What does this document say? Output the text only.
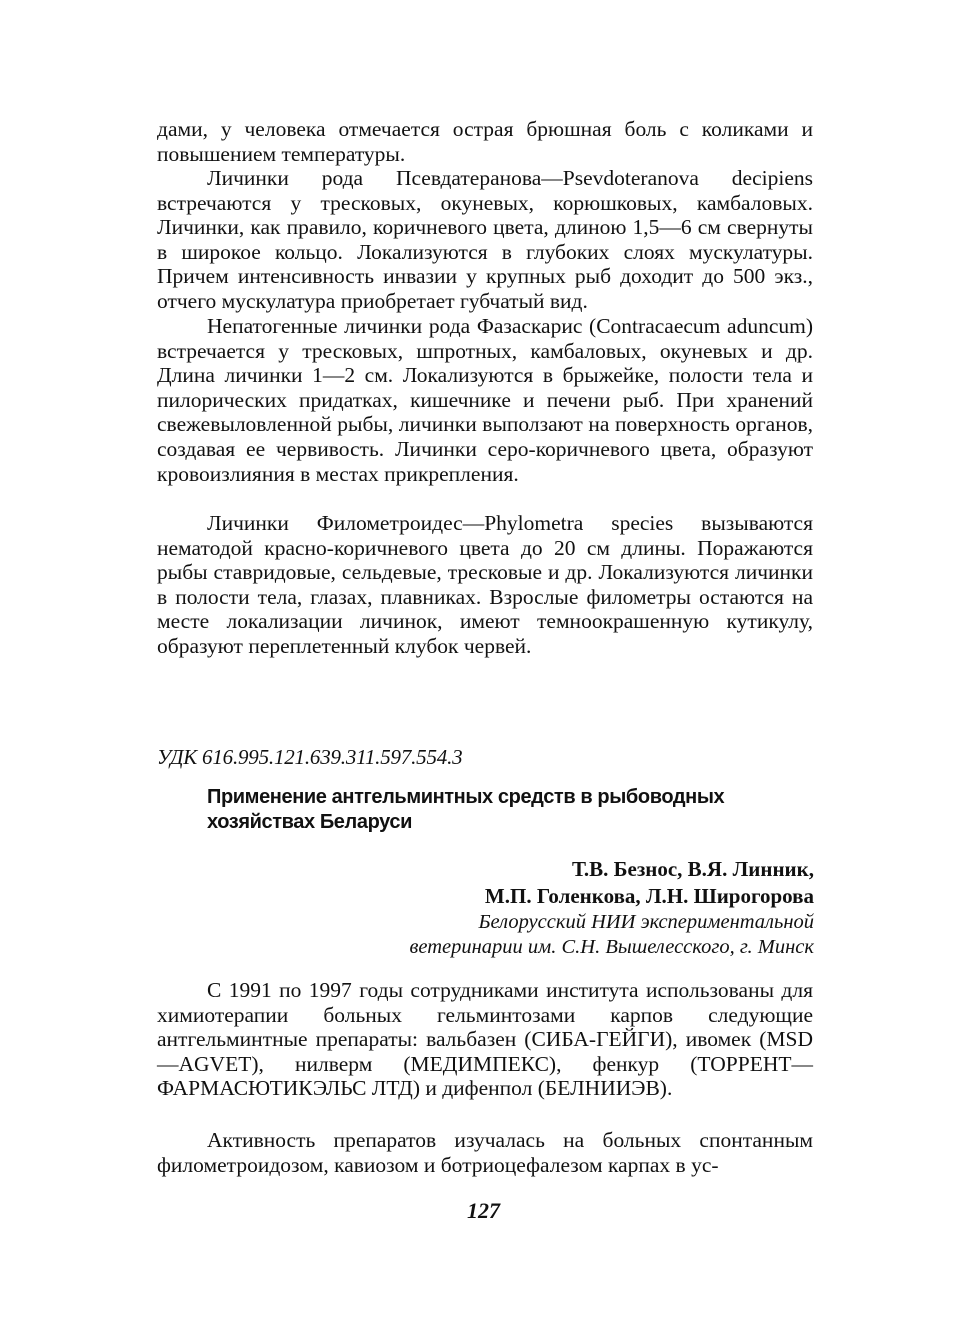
дами, у человека отмечается острая брюшная боль с коликами и повышением температуры.

Личинки рода Псевдатеранова—Psevdoteranova decipiens встречаются у тресковых, окуневых, корюшковых, камбаловых. Личинки, как правило, коричневого цвета, длиною 1,5—6 см свернуты в широкое кольцо. Локализуются в глубоких слоях мускулатуры. Причем интенсивность инвазии у крупных рыб доходит до 500 экз., отчего мускулатура приобретает губчатый вид.

Непатогенные личинки рода Фазаскарис (Contracaecum aduncum) встречается у тресковых, шпротных, камбаловых, окуневых и др. Длина личинки 1—2 см. Локализуются в брыжейке, полости тела и пилорических придатках, кишечнике и печени рыб. При хранений свежевыловленной рыбы, личинки выползают на поверхность органов, создавая ее червивость. Личинки серо-коричневого цвета, образуют кровоизлияния в местах прикрепления.

Личинки Филометроидес—Phylometra species вызываются нематодой красно-коричневого цвета до 20 см длины. Поражаются рыбы ставридовые, сельдевые, тресковые и др. Локализуются личинки в полости тела, глазах, плавниках. Взрослые филометры остаются на месте локализации личинок, имеют темноокрашенную кутикулу, образуют переплетенный клубок червей.

УДК 616.995.121.639.311.597.554.3

Применение антгельминтных средств в рыбоводных хозяйствах Беларуси

Т.В. Безнос, В.Я. Линник,

М.П. Голенкова, Л.Н. Широгорова

Белорусский НИИ экспериментальной

ветеринарии им. С.Н. Вышелесского, г. Минск

С 1991 по 1997 годы сотрудниками института использованы для химиотерапии больных гельминтозами карпов следующие антгельминтные препараты: вальбазен (СИБА-ГЕЙГИ), ивомек (MSD—AGVET), нилверм (МЕДИМПЕКС), фенкур (ТОРРЕНТ—ФАРМАСЮТИКЭЛЬС ЛТД) и дифенпол (БЕЛНИИЭВ).

Активность препаратов изучалась на больных спонтанным филометроидозом, кавиозом и ботриоцефалезом карпах в ус-

127
